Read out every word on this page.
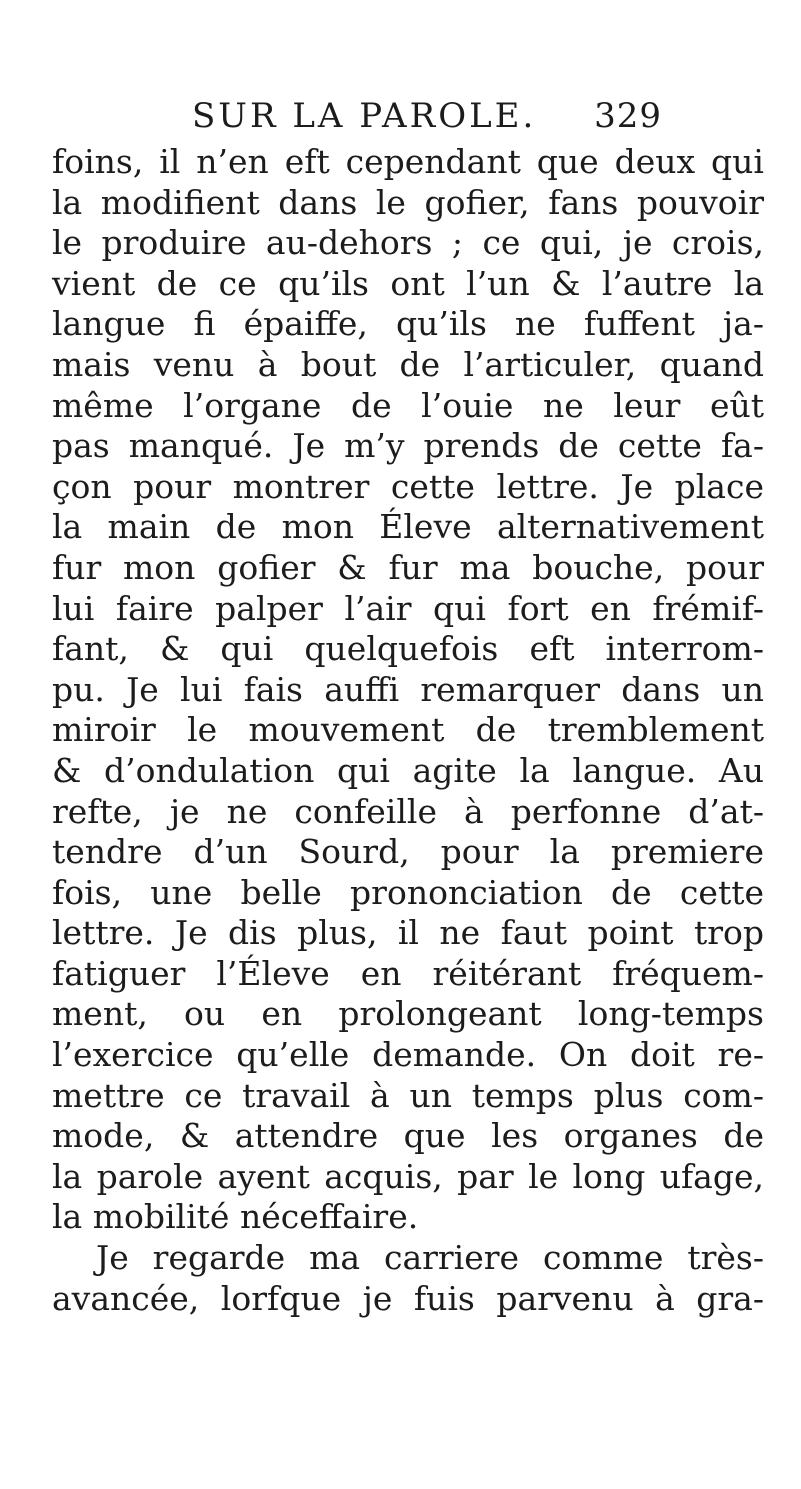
SUR LA PAROLE. 329
foins, il n’en eft cependant que deux qui
la modifient dans le gofier, fans pouvoir
le produire au-dehors ; ce qui, je crois,
vient de ce qu’ils ont l’un & l’autre la
langue fi épaiffe, qu’ils ne fuffent ja-
mais venu à bout de l’articuler, quand
même l’organe de l’ouie ne leur eût
pas manqué. Je m’y prends de cette fa-
çon pour montrer cette lettre. Je place
la main de mon Éleve alternativement
fur mon gofier & fur ma bouche, pour
lui faire palper l’air qui fort en frémif-
fant, & qui quelquefois eft interrom-
pu. Je lui fais auffi remarquer dans un
miroir le mouvement de tremblement
& d’ondulation qui agite la langue. Au
refte, je ne confeille à perfonne d’at-
tendre d’un Sourd, pour la premiere
fois, une belle prononciation de cette
lettre. Je dis plus, il ne faut point trop
fatiguer l’Éleve en réitérant fréquem-
ment, ou en prolongeant long-temps
l’exercice qu’elle demande. On doit re-
mettre ce travail à un temps plus com-
mode, & attendre que les organes de
la parole ayent acquis, par le long ufage,
la mobilité néceffaire.
Je regarde ma carriere comme très-
avancée, lorfque je fuis parvenu à gra-
